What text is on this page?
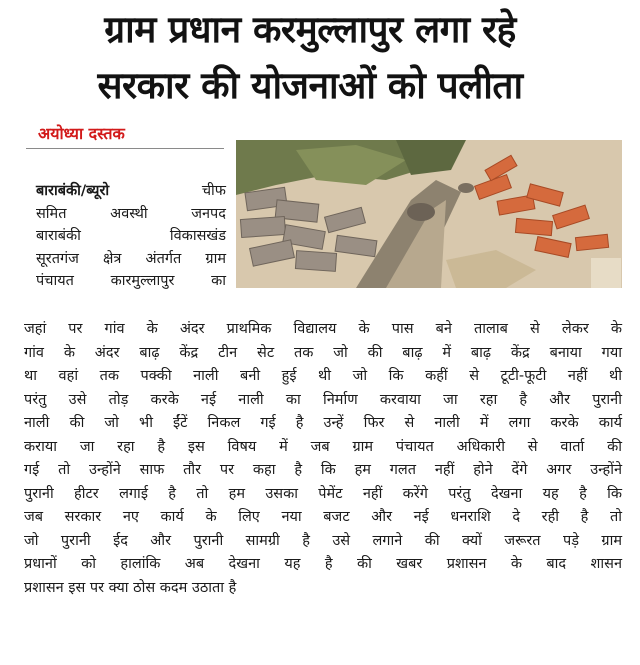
ग्राम प्रधान करमुल्लापुर लगा रहे
सरकार की योजनाओं को पलीता
अयोध्या दस्तक

बाराबंकी/ब्यूरो चीफ

समित अवस्थी जनपद

बाराबंकी विकासखंड

सूरतगंज क्षेत्र अंतर्गत ग्राम

पंचायत कारमुल्लापुर का

जहां पर गांव के अंदर प्राथमिक विद्यालय के पास बने तालाब से लेकर के
गांव के अंदर बाढ़ केंद्र टीन सेट तक जो की बाढ़ में बाढ़ केंद्र बनाया गया
था वहां तक पक्की नाली बनी हुई थी जो कि कहीं से टूटी-फूटी नहीं थी
परंतु उसे तोड़ करके नई नाली का निर्माण करवाया जा रहा है और पुरानी
नाली की जो भी ईंटें निकल गई है उन्हें फिर से नाली में लगा करके कार्य
कराया जा रहा है इस विषय में जब ग्राम पंचायत अधिकारी से वार्ता की
गई तो उन्होंने साफ तौर पर कहा है कि हम गलत नहीं होने देंगे अगर उन्होंने
पुरानी हीटर लगाई है तो हम उसका पेमेंट नहीं करेंगे परंतु देखना यह है कि
जब सरकार नए कार्य के लिए नया बजट और नई धनराशि दे रही है तो
जो पुरानी ईद और पुरानी सामग्री है उसे लगाने की क्यों जरूरत पड़े ग्राम
प्रधानों को हालांकि अब देखना यह है की खबर प्रशासन के बाद शासन
प्रशासन इस पर क्या ठोस कदम उठाता है
